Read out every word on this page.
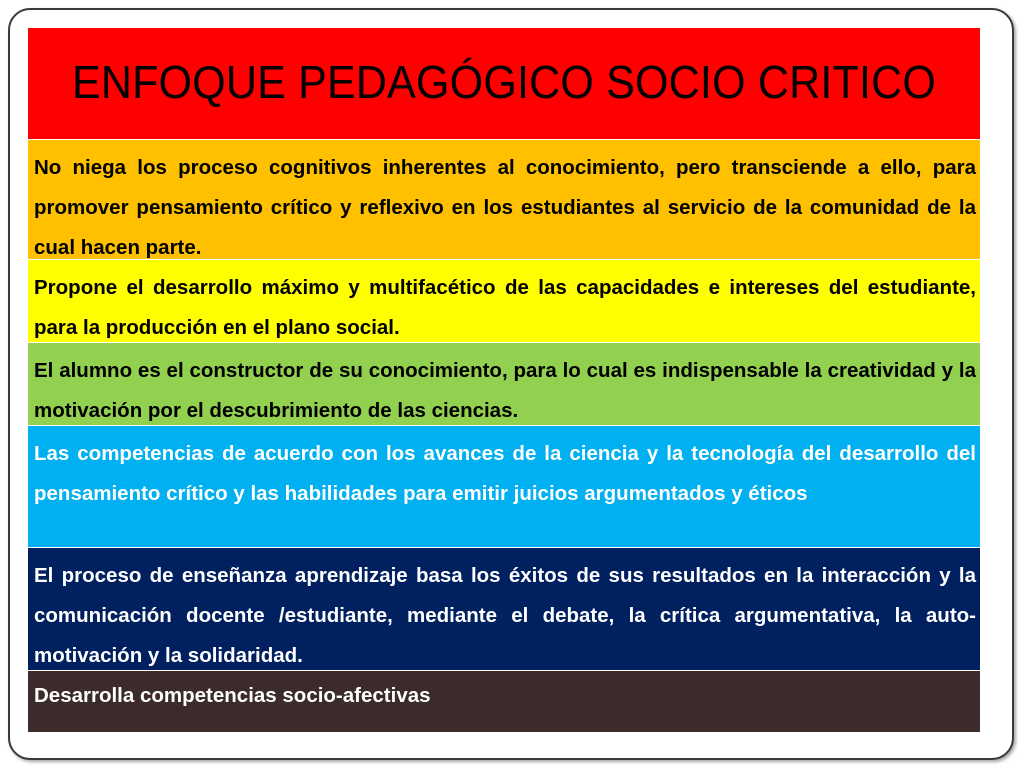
ENFOQUE PEDAGÓGICO SOCIO CRITICO
No niega los proceso cognitivos inherentes al conocimiento, pero transciende a ello, para promover pensamiento crítico y reflexivo en los estudiantes al servicio de la comunidad de la cual hacen parte.
Propone el desarrollo máximo y multifacético de las capacidades e intereses del estudiante, para la producción en el plano social.
El alumno es el constructor de su conocimiento, para lo cual es indispensable la creatividad y la motivación por el descubrimiento de las ciencias.
Las competencias de acuerdo con los avances de la ciencia y la tecnología del desarrollo del pensamiento crítico y las habilidades para emitir juicios argumentados y éticos
El proceso de enseñanza aprendizaje basa los éxitos de sus resultados en la interacción y la comunicación docente /estudiante, mediante el debate, la crítica argumentativa, la auto-motivación y la solidaridad.
Desarrolla competencias socio-afectivas
